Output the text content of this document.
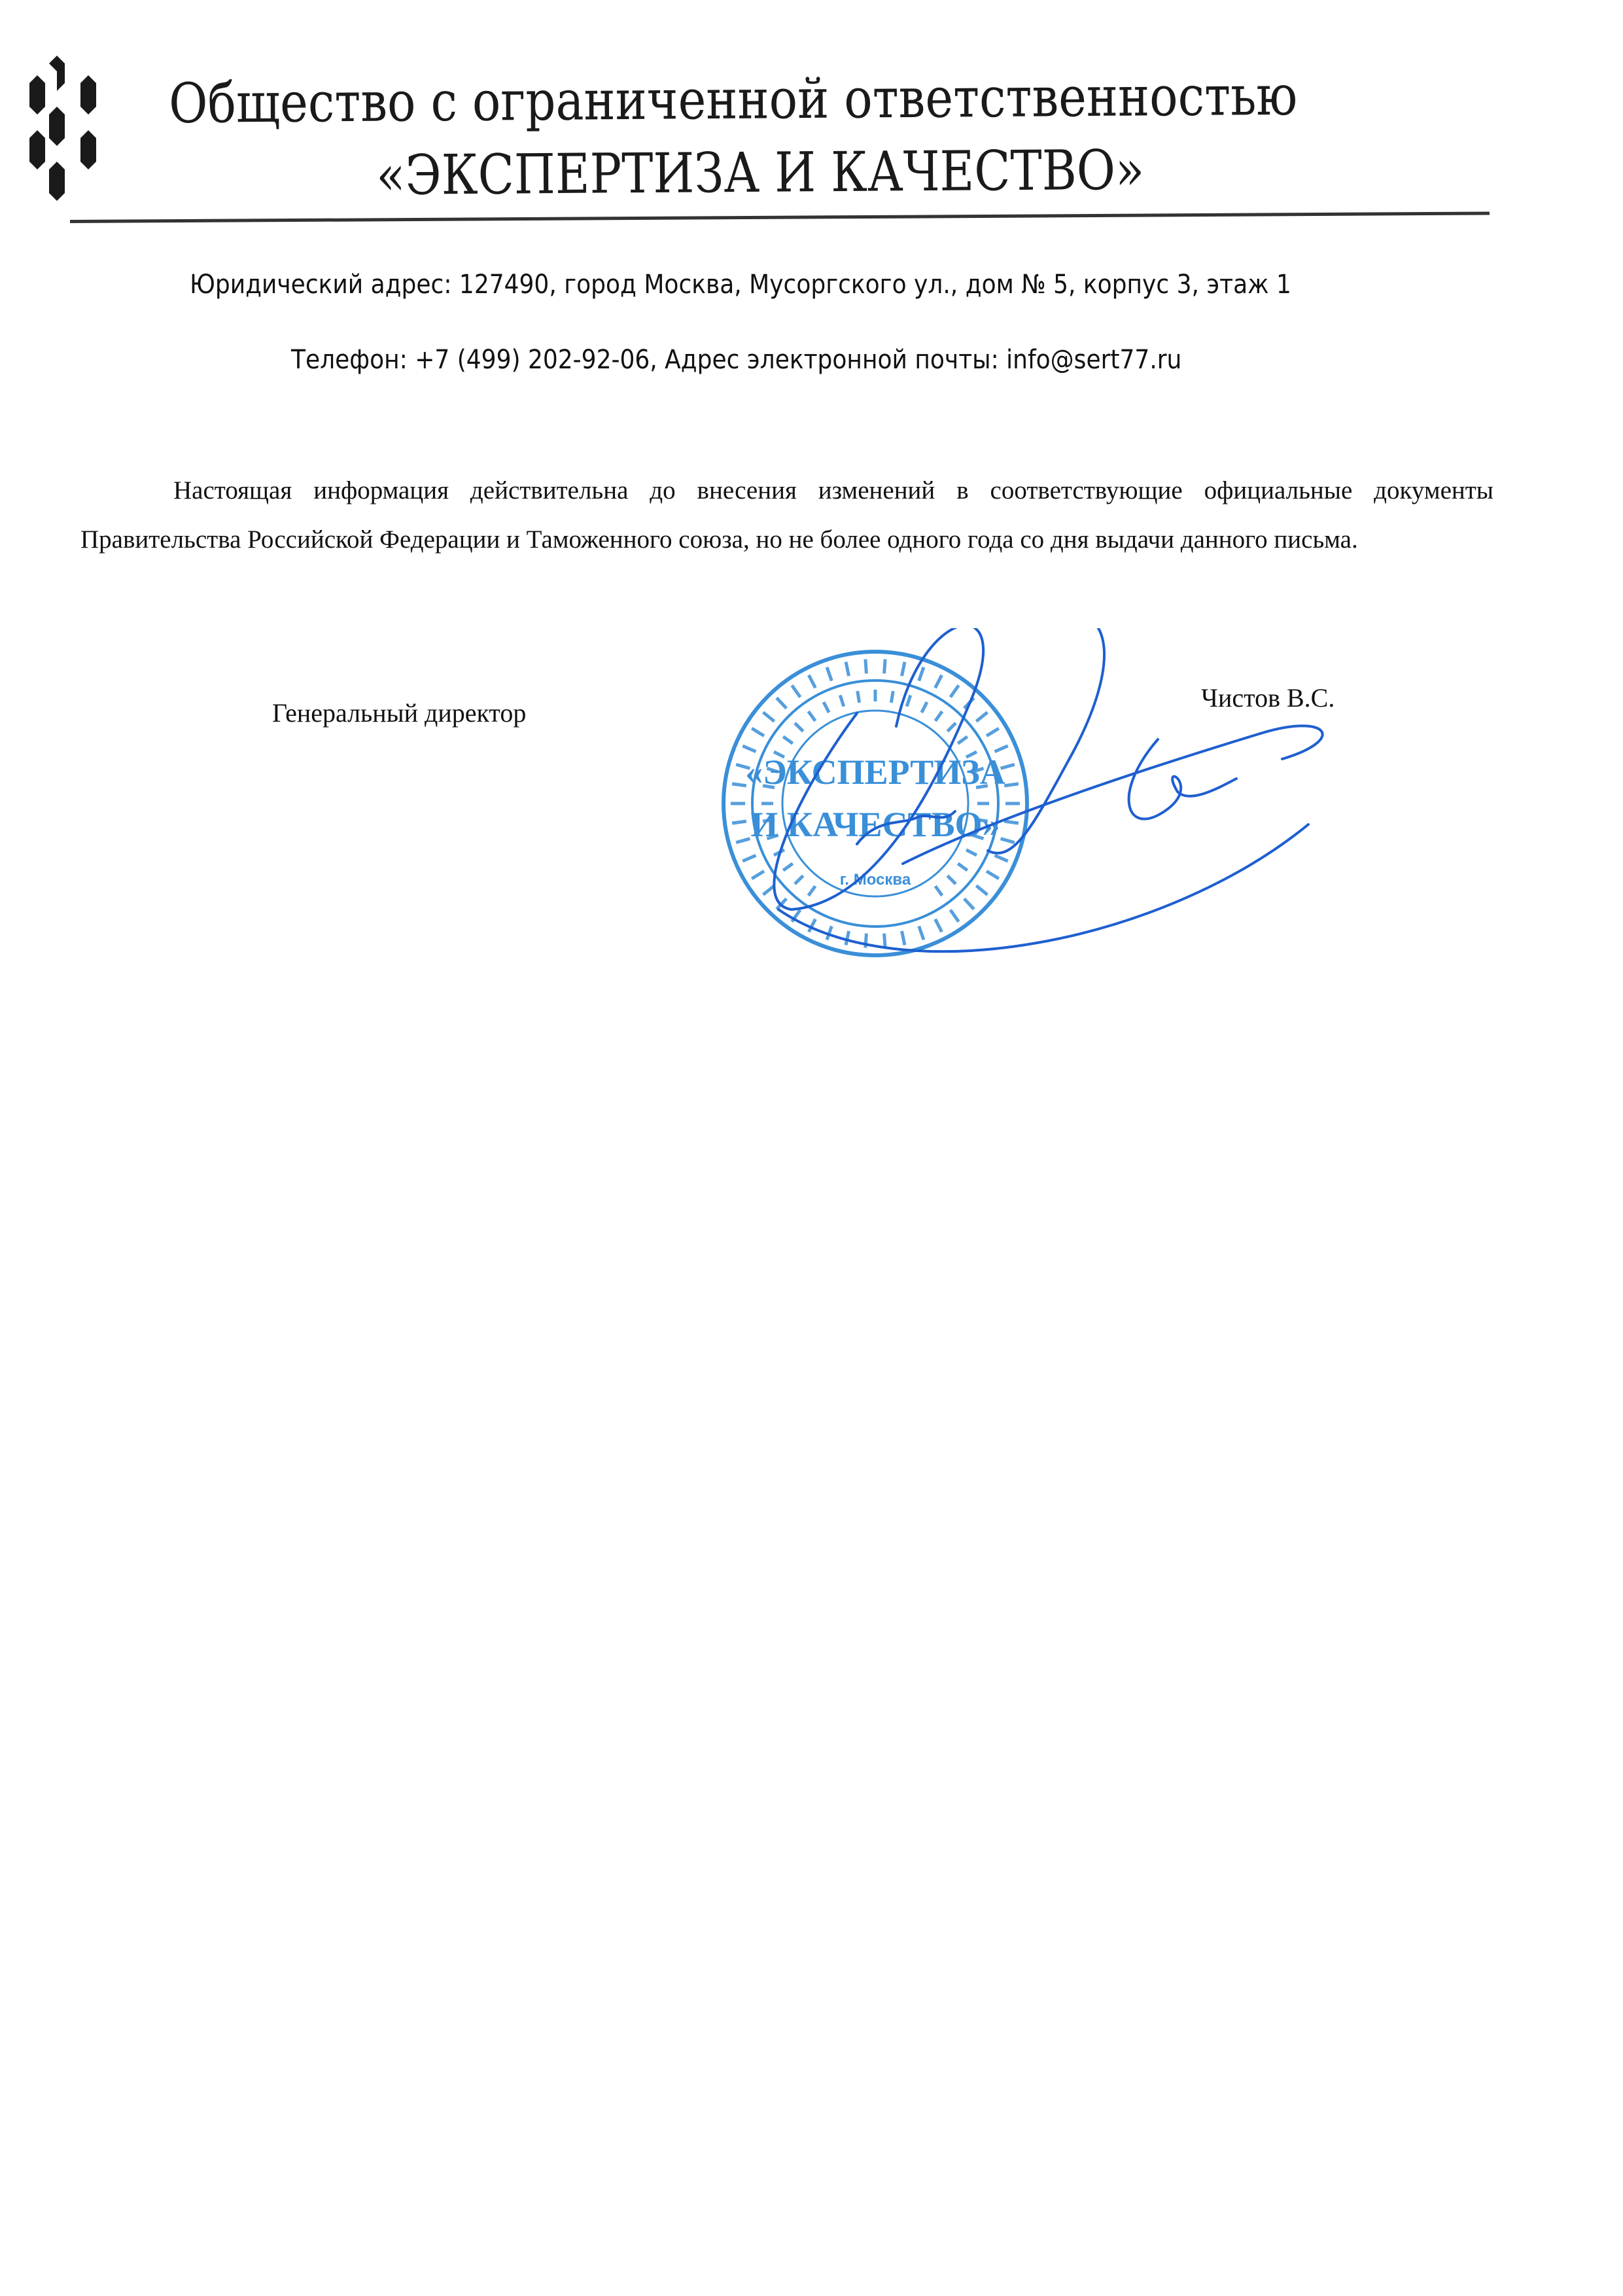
Общество с ограниченной ответственностью
«ЭКСПЕРТИЗА И КАЧЕСТВО»
Юридический адрес: 127490, город Москва, Мусоргского ул., дом № 5, корпус 3, этаж 1
Телефон: +7 (499) 202-92-06, Адрес электронной почты: info@sert77.ru
Настоящая информация действительна до внесения изменений в соответствующие официальные документы Правительства Российской Федерации и Таможенного союза, но не более одного года со дня выдачи данного письма.
Генеральный директор
Чистов В.С.
«ЭКСПЕРТИЗА
И КАЧЕСТВО»
г. Москва
